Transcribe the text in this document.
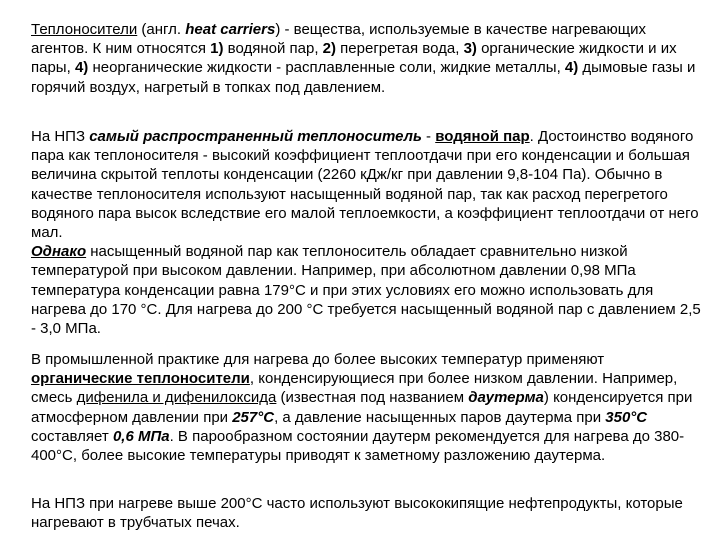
Теплоносители (англ. heat carriers) - вещества, используемые в качестве нагревающих агентов. К ним относятся 1) водяной пар, 2) перегретая вода, 3) органические жидкости и их пары, 4) неорганические жидкости - расплавленные соли, жидкие металлы, 4) дымовые газы и горячий воздух, нагретый в топках под давлением.

На НПЗ самый распространенный теплоноситель - водяной пар. Достоинство водяного пара как теплоносителя - высокий коэффициент теплоотдачи при его конденсации и большая величина скрытой теплоты конденсации (2260 кДж/кг при давлении 9,8-104 Па). Обычно в качестве теплоносителя используют насыщенный водяной пар, так как расход перегретого водяного пара высок вследствие его малой теплоемкости, а коэффициент теплоотдачи от него мал.
Однако насыщенный водяной пар как теплоноситель обладает сравнительно низкой температурой при высоком давлении. Например, при абсолютном давлении 0,98 МПа температура конденсации равна 179°С и при этих условиях его можно использовать для нагрева до 170 °С. Для нагрева до 200 °С требуется насыщенный водяной пар с давлением 2,5 - 3,0 МПа.

В промышленной практике для нагрева до более высоких температур применяют органические теплоносители, конденсирующиеся при более низком давлении. Например, смесь дифенила и дифенилоксида (известная под названием даутерма) конденсируется при атмосферном давлении при 257°С, а давление насыщенных паров даутерма при 350°С составляет 0,6 МПа. В парообразном состоянии даутерм рекомендуется для нагрева до 380-400°С, более высокие температуры приводят к заметному разложению даутерма.

На НПЗ при нагреве выше 200°С часто используют высококипящие нефтепродукты, которые нагревают в трубчатых печах.
